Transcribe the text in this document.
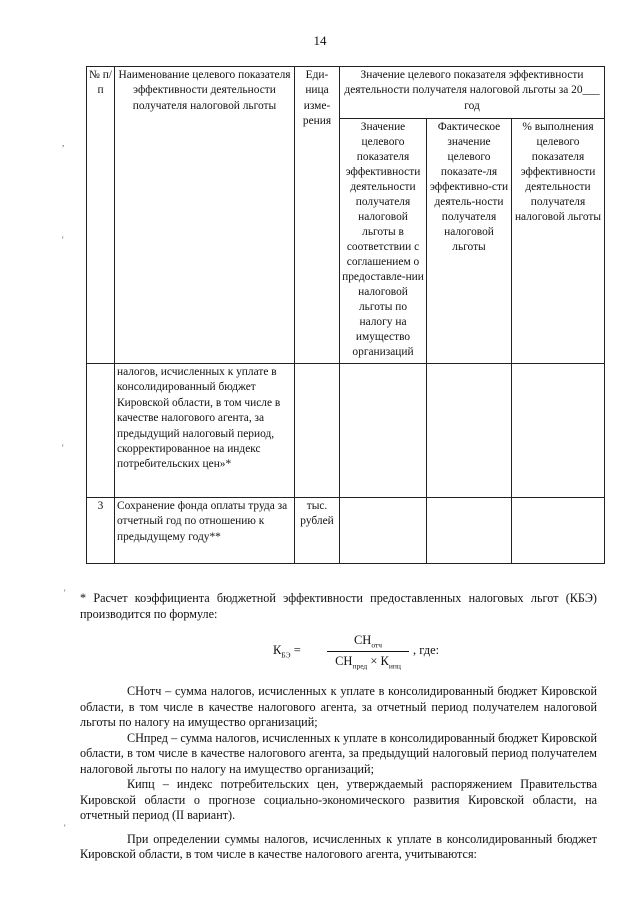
14
№ п/п	Наименование целевого показателя эффективности деятельности получателя налоговой льготы	Еди-ница изме-рения	Значение целевого показателя эффективности деятельности получателя налоговой льготы за 20___ год		
			Значение целевого показателя эффективности деятельности получателя налоговой льготы в соответствии с соглашением о предоставле-нии налоговой льготы по налогу на имущество организаций	Фактическое значение целевого показате-ля эффективно-сти деятель-ности получателя налоговой льготы	% выполнения целевого показателя эффективности деятельности получателя налоговой льготы
	налогов, исчисленных к уплате в консолидированный бюджет Кировской области, в том числе в качестве налогового агента, за предыдущий налоговый период, скорректированное на индекс потребительских цен»*				
3	Сохранение фонда оплаты труда за отчетный год по отношению к предыдущему году**	тыс. рублей			

* Расчет коэффициента бюджетной эффективности предоставленных налоговых льгот (КБЭ) производится по формуле:

$К_{БЭ}$ =
$СН_{отч}$
$СН_{пред} \times К_{ипц}$
, где:

СНотч – сумма налогов, исчисленных к уплате в консолидированный бюджет Кировской области, в том числе в качестве налогового агента, за отчетный период получателем налоговой льготы по налогу на имущество организаций;

СНпред – сумма налогов, исчисленных к уплате в консолидированный бюджет Кировской области, в том числе в качестве налогового агента, за предыдущий налоговый период получателем налоговой льготы по налогу на имущество организаций;

Кипц – индекс потребительских цен, утверждаемый распоряжением Правительства Кировской области о прогнозе социально-экономического развития Кировской области, на отчетный период (II вариант).

При определении суммы налогов, исчисленных к уплате в консолидированный бюджет Кировской области, в том числе в качестве налогового агента, учитываются:

,
'
'
'
'
